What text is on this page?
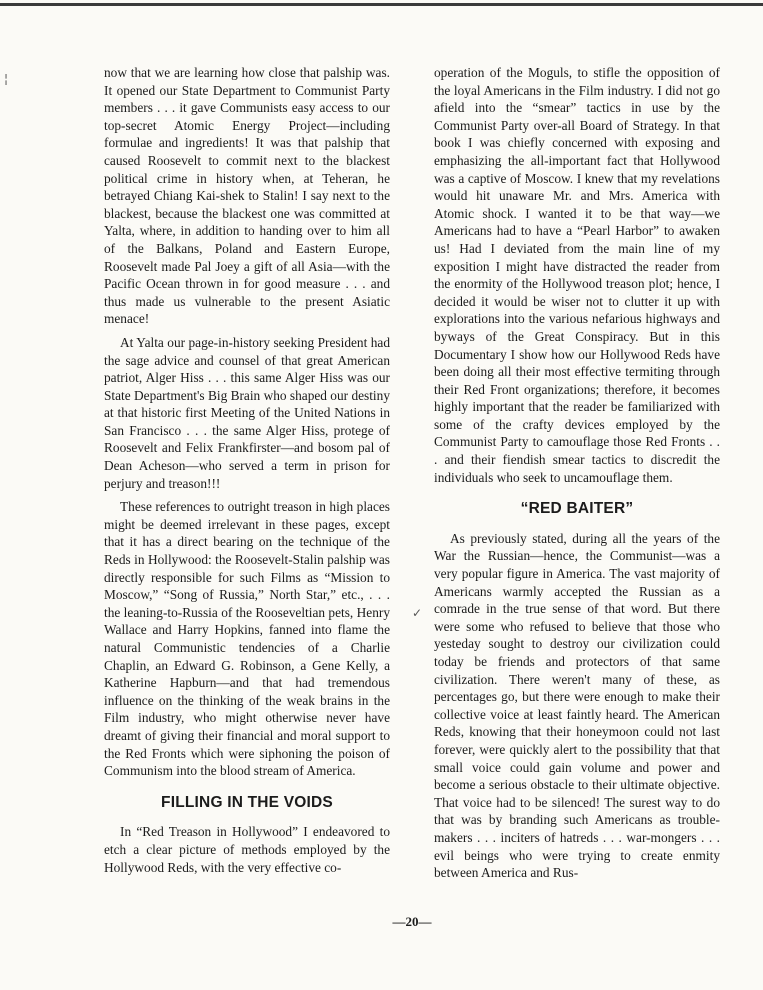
¦
✓

now that we are learning how close that palship was. It opened our State Department to Communist Party members . . . it gave Communists easy access to our top-secret Atomic Energy Project—including formulae and ingredients! It was that palship that caused Roosevelt to commit next to the blackest political crime in history when, at Teheran, he betrayed Chiang Kai-shek to Stalin! I say next to the blackest, because the blackest one was committed at Yalta, where, in addition to handing over to him all of the Balkans, Poland and Eastern Europe, Roosevelt made Pal Joey a gift of all Asia—with the Pacific Ocean thrown in for good measure . . . and thus made us vulnerable to the present Asiatic menace!

At Yalta our page-in-history seeking President had the sage advice and counsel of that great American patriot, Alger Hiss . . . this same Alger Hiss was our State Department's Big Brain who shaped our destiny at that historic first Meeting of the United Nations in San Francisco . . . the same Alger Hiss, protege of Roosevelt and Felix Frankfirster—and bosom pal of Dean Acheson—who served a term in prison for perjury and treason!!!

These references to outright treason in high places might be deemed irrelevant in these pages, except that it has a direct bearing on the technique of the Reds in Hollywood: the Roosevelt-Stalin palship was directly responsible for such Films as “Mission to Moscow,” “Song of Russia,” North Star,” etc., . . . the leaning-to-Russia of the Rooseveltian pets, Henry Wallace and Harry Hopkins, fanned into flame the natural Communistic tendencies of a Charlie Chaplin, an Edward G. Robinson, a Gene Kelly, a Katherine Hapburn—and that had tremendous influence on the thinking of the weak brains in the Film industry, who might otherwise never have dreamt of giving their financial and moral support to the Red Fronts which were siphoning the poison of Communism into the blood stream of America.

FILLING IN THE VOIDS

In “Red Treason in Hollywood” I endeavored to etch a clear picture of methods employed by the Hollywood Reds, with the very effective co-

operation of the Moguls, to stifle the opposition of the loyal Americans in the Film industry. I did not go afield into the “smear” tactics in use by the Communist Party over-all Board of Strategy. In that book I was chiefly concerned with exposing and emphasizing the all-important fact that Hollywood was a captive of Moscow. I knew that my revelations would hit unaware Mr. and Mrs. America with Atomic shock. I wanted it to be that way—we Americans had to have a “Pearl Harbor” to awaken us! Had I deviated from the main line of my exposition I might have distracted the reader from the enormity of the Hollywood treason plot; hence, I decided it would be wiser not to clutter it up with explorations into the various nefarious highways and byways of the Great Conspiracy. But in this Documentary I show how our Hollywood Reds have been doing all their most effective termiting through their Red Front organizations; therefore, it becomes highly important that the reader be familiarized with some of the crafty devices employed by the Communist Party to camouflage those Red Fronts . . . and their fiendish smear tactics to discredit the individuals who seek to uncamouflage them.

“RED BAITER”

As previously stated, during all the years of the War the Russian—hence, the Communist—was a very popular figure in America. The vast majority of Americans warmly accepted the Russian as a comrade in the true sense of that word. But there were some who refused to believe that those who yesteday sought to destroy our civilization could today be friends and protectors of that same civilization. There weren't many of these, as percentages go, but there were enough to make their collective voice at least faintly heard. The American Reds, knowing that their honeymoon could not last forever, were quickly alert to the possibility that that small voice could gain volume and power and become a serious obstacle to their ultimate objective. That voice had to be silenced! The surest way to do that was by branding such Americans as trouble-makers . . . inciters of hatreds . . . war-mongers . . . evil beings who were trying to create enmity between America and Rus-

—20—
